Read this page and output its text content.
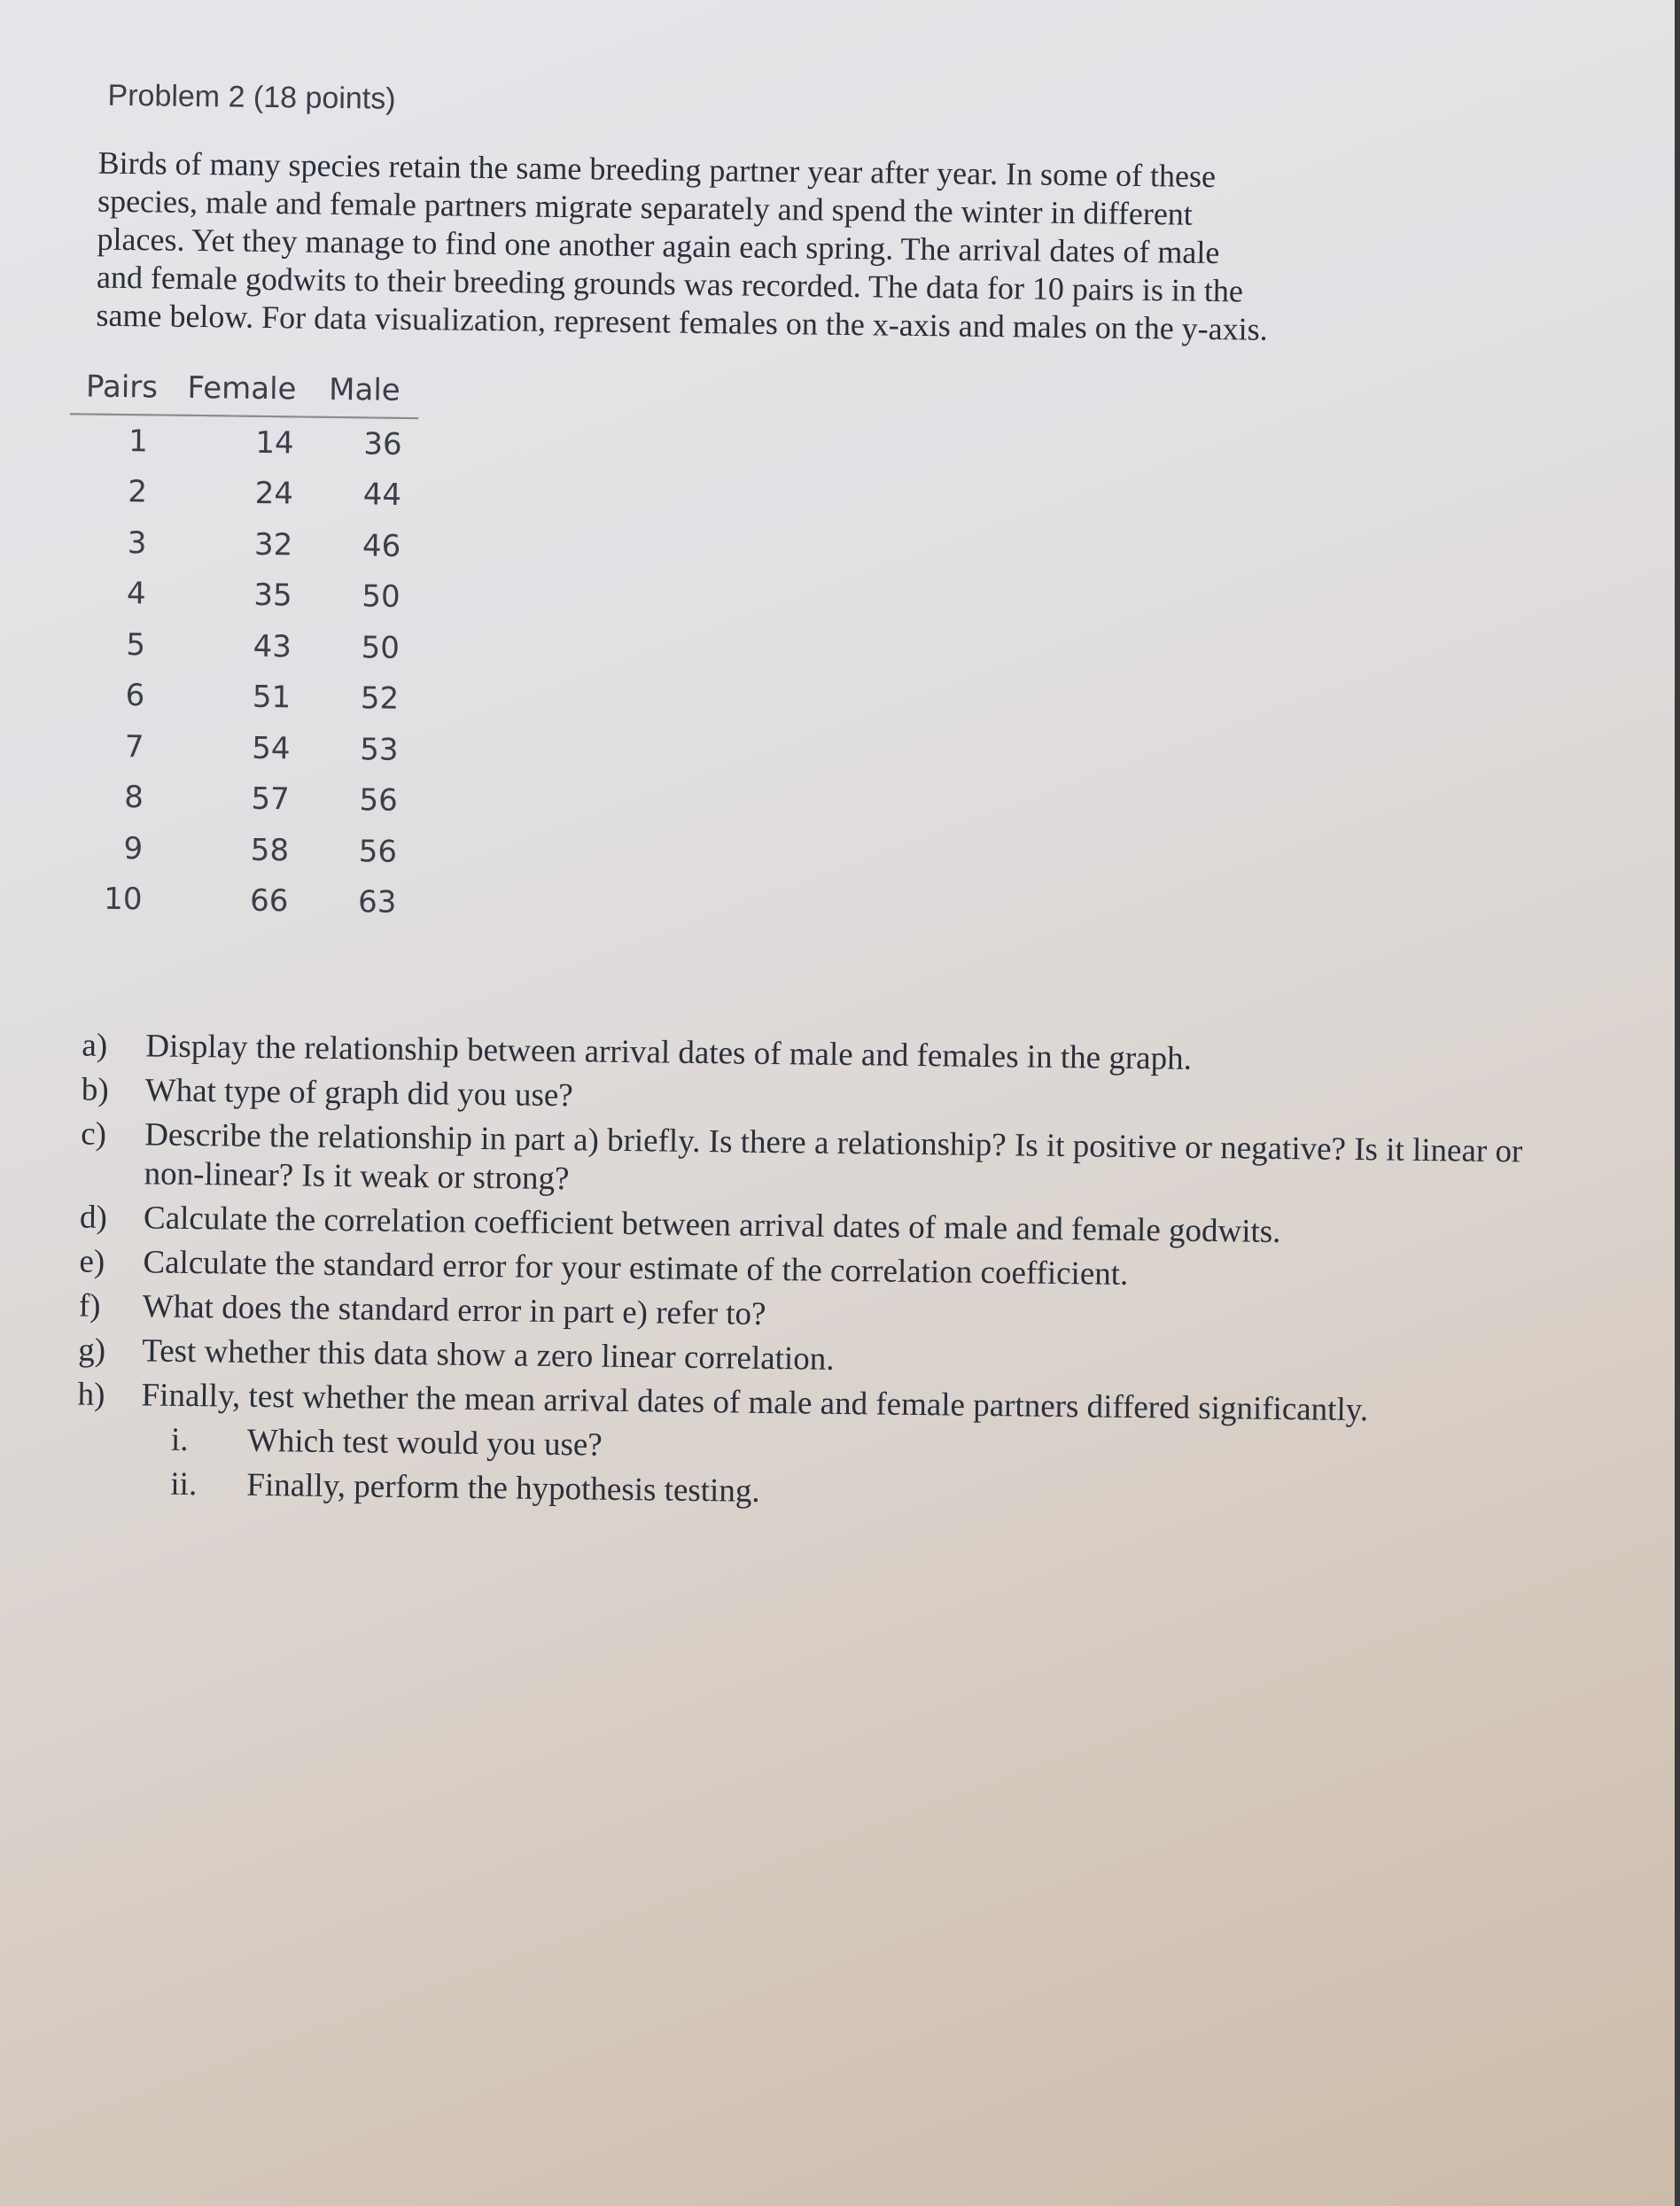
Problem 2 (18 points)
Birds of many species retain the same breeding partner year after year. In some of these
species, male and female partners migrate separately and spend the winter in different
places. Yet they manage to find one another again each spring. The arrival dates of male
and female godwits to their breeding grounds was recorded. The data for 10 pairs is in the
same below. For data visualization, represent females on the x-axis and males on the y-axis.
Pairs	Female	Male
1	14	36
2	24	44
3	32	46
4	35	50
5	43	50
6	51	52
7	54	53
8	57	56
9	58	56
10	66	63
a) Display the relationship between arrival dates of male and females in the graph.
b) What type of graph did you use?
c) Describe the relationship in part a) briefly. Is there a relationship? Is it positive or negative? Is it linear or non-linear? Is it weak or strong?
d) Calculate the correlation coefficient between arrival dates of male and female godwits.
e) Calculate the standard error for your estimate of the correlation coefficient.
f) What does the standard error in part e) refer to?
g) Test whether this data show a zero linear correlation.
h) Finally, test whether the mean arrival dates of male and female partners differed significantly.
i. Which test would you use?
ii. Finally, perform the hypothesis testing.
